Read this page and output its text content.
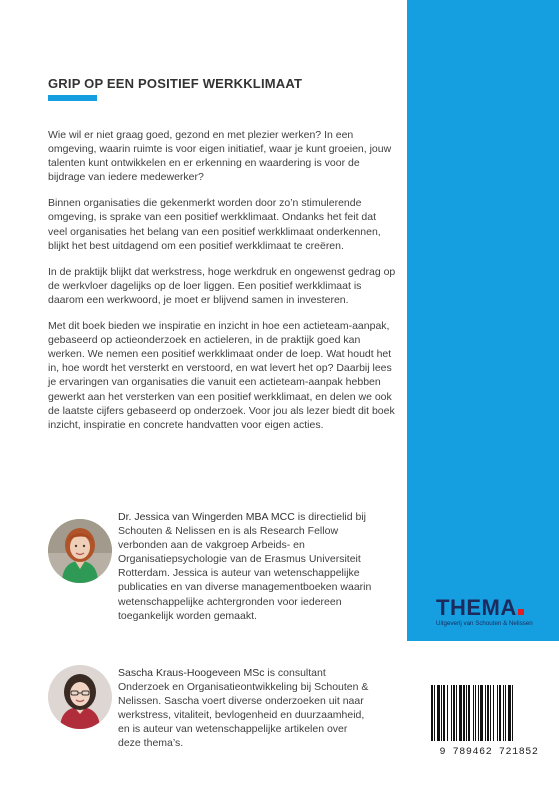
GRIP OP EEN POSITIEF WERKKLIMAAT

Wie wil er niet graag goed, gezond en met plezier werken? In een omgeving, waarin ruimte is voor eigen initiatief, waar je kunt groeien, jouw talenten kunt ontwikkelen en er erkenning en waardering is voor de bijdrage van iedere medewerker?

Binnen organisaties die gekenmerkt worden door zo’n stimulerende omgeving, is sprake van een positief werkklimaat. Ondanks het feit dat veel organisaties het belang van een positief werkklimaat onderkennen, blijkt het best uitdagend om een positief werkklimaat te creëren.

In de praktijk blijkt dat werkstress, hoge werkdruk en ongewenst gedrag op de werkvloer dagelijks op de loer liggen. Een positief werkklimaat is daarom een werkwoord, je moet er blijvend samen in investeren.

Met dit boek bieden we inspiratie en inzicht in hoe een actieteam-aanpak, gebaseerd op actieonderzoek en actieleren, in de praktijk goed kan werken. We nemen een positief werkklimaat onder de loep. Wat houdt het in, hoe wordt het versterkt en verstoord, en wat levert het op? Daarbij lees je ervaringen van organisaties die vanuit een actieteam-aanpak hebben gewerkt aan het versterken van een positief werkklimaat, en delen we ook de laatste cijfers gebaseerd op onderzoek. Voor jou als lezer biedt dit boek inzicht, inspiratie en concrete handvatten voor eigen acties.

Dr. Jessica van Wingerden MBA MCC is directielid bij Schouten & Nelissen en is als Research Fellow verbonden aan de vakgroep Arbeids- en Organisatiepsychologie van de Erasmus Universiteit Rotterdam. Jessica is auteur van wetenschappelijke publicaties en van diverse managementboeken waarin wetenschappelijke achtergronden voor iedereen toegankelijk worden gemaakt.
Sascha Kraus-Hoogeveen MSc is consultant Onderzoek en Organisatieontwikkeling bij Schouten & Nelissen. Sascha voert diverse onderzoeken uit naar werkstress, vitaliteit, bevlogenheid en duurzaamheid, en is auteur van wetenschappelijke artikelen over deze thema’s.
THEMA
Uitgeverij van Schouten & Nelissen
9 789462 721852
